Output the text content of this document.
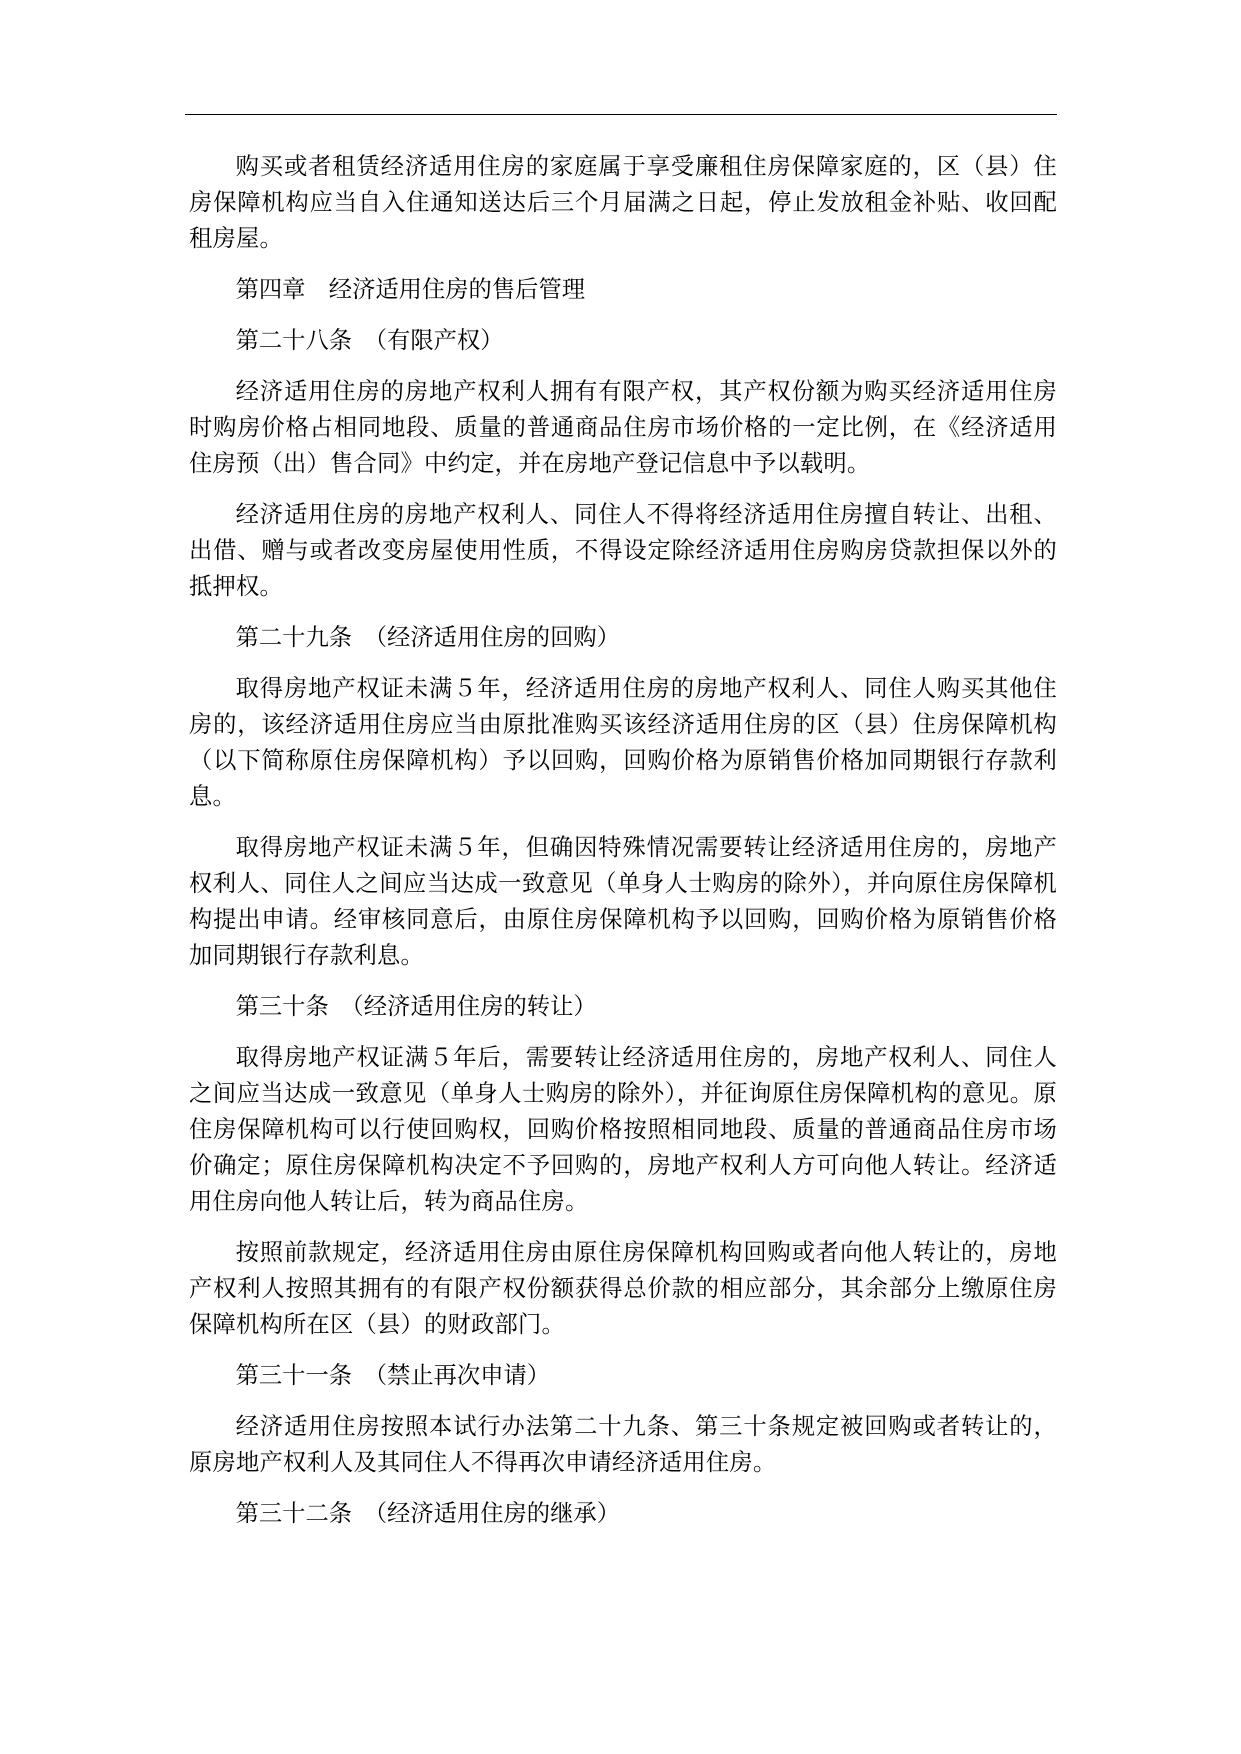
购买或者租赁经济适用住房的家庭属于享受廉租住房保障家庭的，区（县）住房保障机构应当自入住通知送达后三个月届满之日起，停止发放租金补贴、收回配租房屋。

第四章　经济适用住房的售后管理

第二十八条　（有限产权）

经济适用住房的房地产权利人拥有有限产权，其产权份额为购买经济适用住房时购房价格占相同地段、质量的普通商品住房市场价格的一定比例，在《经济适用住房预（出）售合同》中约定，并在房地产登记信息中予以载明。

经济适用住房的房地产权利人、同住人不得将经济适用住房擅自转让、出租、出借、赠与或者改变房屋使用性质，不得设定除经济适用住房购房贷款担保以外的抵押权。

第二十九条　（经济适用住房的回购）

取得房地产权证未满５年，经济适用住房的房地产权利人、同住人购买其他住房的，该经济适用住房应当由原批准购买该经济适用住房的区（县）住房保障机构（以下简称原住房保障机构）予以回购，回购价格为原销售价格加同期银行存款利息。

取得房地产权证未满５年，但确因特殊情况需要转让经济适用住房的，房地产权利人、同住人之间应当达成一致意见（单身人士购房的除外），并向原住房保障机构提出申请。经审核同意后，由原住房保障机构予以回购，回购价格为原销售价格加同期银行存款利息。

第三十条　（经济适用住房的转让）

取得房地产权证满５年后，需要转让经济适用住房的，房地产权利人、同住人之间应当达成一致意见（单身人士购房的除外），并征询原住房保障机构的意见。原住房保障机构可以行使回购权，回购价格按照相同地段、质量的普通商品住房市场价确定；原住房保障机构决定不予回购的，房地产权利人方可向他人转让。经济适用住房向他人转让后，转为商品住房。

按照前款规定，经济适用住房由原住房保障机构回购或者向他人转让的，房地产权利人按照其拥有的有限产权份额获得总价款的相应部分，其余部分上缴原住房保障机构所在区（县）的财政部门。

第三十一条　（禁止再次申请）

经济适用住房按照本试行办法第二十九条、第三十条规定被回购或者转让的，原房地产权利人及其同住人不得再次申请经济适用住房。

第三十二条　（经济适用住房的继承）
